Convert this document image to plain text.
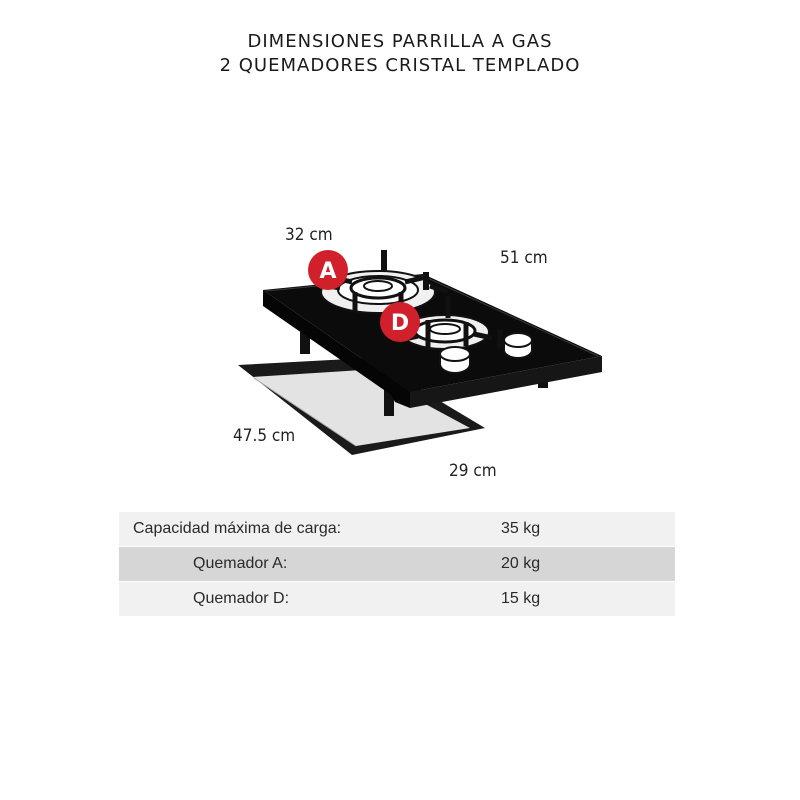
DIMENSIONES PARRILLA A GAS
2 QUEMADORES CRISTAL TEMPLADO
A
D
32 cm
51 cm
47.5 cm
29 cm
Capacidad máxima de carga:	35 kg
Quemador A:	20 kg
Quemador D:	15 kg
